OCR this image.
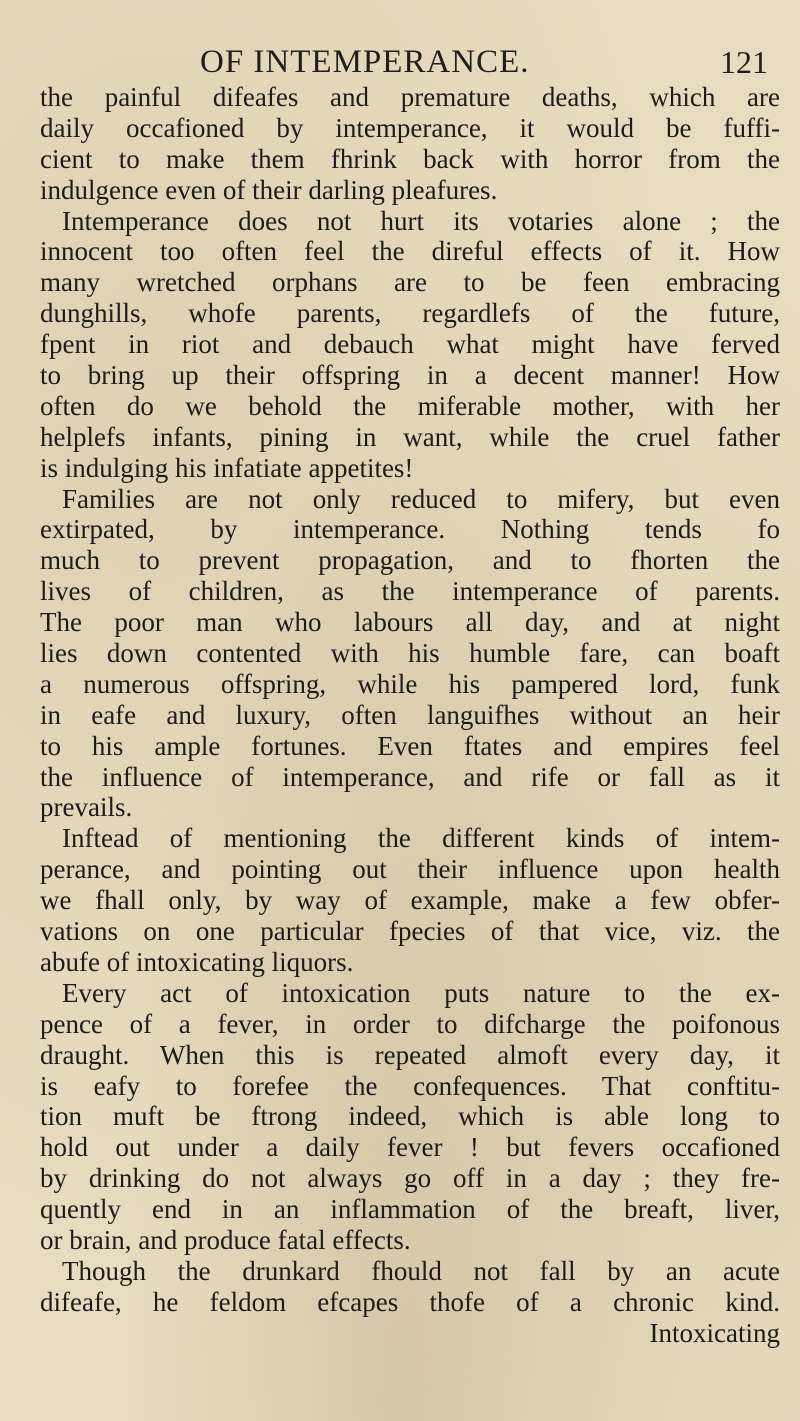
OF INTEMPERANCE.	121
the painful difeafes and premature deaths, which are
daily occafioned by intemperance, it would be fuffi-
cient to make them fhrink back with horror from the
indulgence even of their darling pleafures.
Intemperance does not hurt its votaries alone ; the
innocent too often feel the direful effects of it. How
many wretched orphans are to be feen embracing
dunghills, whofe parents, regardlefs of the future,
fpent in riot and debauch what might have ferved
to bring up their offspring in a decent manner! How
often do we behold the miferable mother, with her
helplefs infants, pining in want, while the cruel father
is indulging his infatiate appetites!
Families are not only reduced to mifery, but even
extirpated, by intemperance. Nothing tends fo
much to prevent propagation, and to fhorten the
lives of children, as the intemperance of parents.
The poor man who labours all day, and at night
lies down contented with his humble fare, can boaft
a numerous offspring, while his pampered lord, funk
in eafe and luxury, often languifhes without an heir
to his ample fortunes. Even ftates and empires feel
the influence of intemperance, and rife or fall as it
prevails.
Inftead of mentioning the different kinds of intem-
perance, and pointing out their influence upon health
we fhall only, by way of example, make a few obfer-
vations on one particular fpecies of that vice, viz. the
abufe of intoxicating liquors.
Every act of intoxication puts nature to the ex-
pence of a fever, in order to difcharge the poifonous
draught. When this is repeated almoft every day, it
is eafy to forefee the confequences. That conftitu-
tion muft be ftrong indeed, which is able long to
hold out under a daily fever ! but fevers occafioned
by drinking do not always go off in a day ; they fre-
quently end in an inflammation of the breaft, liver,
or brain, and produce fatal effects.
Though the drunkard fhould not fall by an acute
difeafe, he feldom efcapes thofe of a chronic kind.
Intoxicating
